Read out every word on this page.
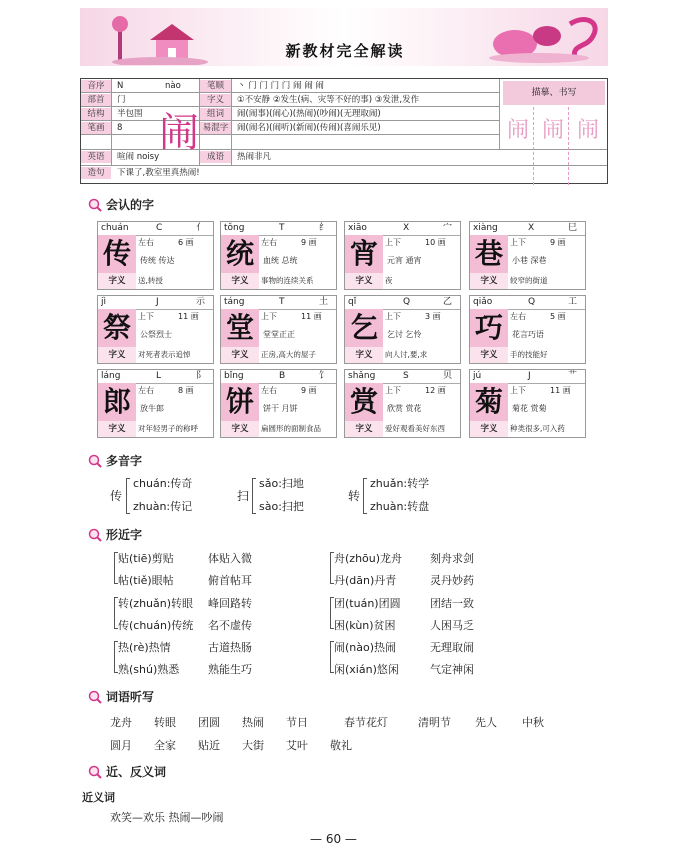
新教材完全解读
音序	N	nào
部首	门
结构	半包围
笔画	8
英语	喧闹 noisy
造句	下课了,教室里真热闹!
闹
笔顺	丶 门 门 门 门 闹 闹 闹
字义	①不安静 ②发生(病、灾等不好的事) ③发泄,发作
组词	闹(闹事)(闹心)(热闹)(吵闹)(无理取闹)
易混字	闹(闹名)(闹听)(新闹)(传闹)(喜闹乐见)
成语	热闹非凡
描摹、书写
闹 闹 闹
会认的字
chuán	C	亻
传 左右	6 画
传统 传达
字义	送,转授
tǒng	T	纟
统 左右	9 画
血统 总统
字义	事物的连续关系
xiāo	X	宀
宵 上下	10 画
元宵 通宵
字义	夜
xiàng	X	巳
巷 上下	9 画
小巷 深巷
字义	较窄的街道
jì	J	示
祭 上下	11 画
公祭烈士
字义	对死者表示追悼
táng	T	土
堂 上下	11 画
堂堂正正
字义	正房,高大的屋子
qǐ	Q	乙
乞 上下	3 画
乞讨 乞怜
字义	向人讨,要,求
qiǎo	Q	工
巧 左右	5 画
花言巧语
字义	手的技能好
láng	L	阝
郎 左右	8 画
放牛郎
字义	对年轻男子的称呼
bǐng	B	饣
饼 左右	9 画
饼干 月饼
字义	扁圆形的面制食品
shǎng	S	贝
赏 上下	12 画
欣赏 赏花
字义	爱好观看美好东西
jú	J	艹
菊 上下	11 画
菊花 赏菊
字义	种类很多,可入药
多音字
传
chuán:传奇
zhuàn:传记
扫
sǎo:扫地
sào:扫把
转
zhuǎn:转学
zhuàn:转盘
形近字
贴(tiē)剪贴	体贴入微
帖(tiě)眼帖	俯首帖耳
转(zhuǎn)转眼 峰回路转
传(chuán)传统 名不虚传
热(rè)热情	古道热肠
熟(shú)熟悉	熟能生巧
舟(zhōu)龙舟	刻舟求剑
丹(dān)丹青	灵丹妙药
团(tuán)团圆	团结一致
困(kùn)贫困	人困马乏
闹(nào)热闹	无理取闹
闲(xián)悠闲	气定神闲
词语听写
龙舟 转眼 团圆 热闹 节日	春节花灯	清明节 先人 中秋
圆月 全家 贴近 大街 艾叶 敬礼
近、反义词
近义词
欢笑—欢乐 热闹—吵闹
— 60 —
